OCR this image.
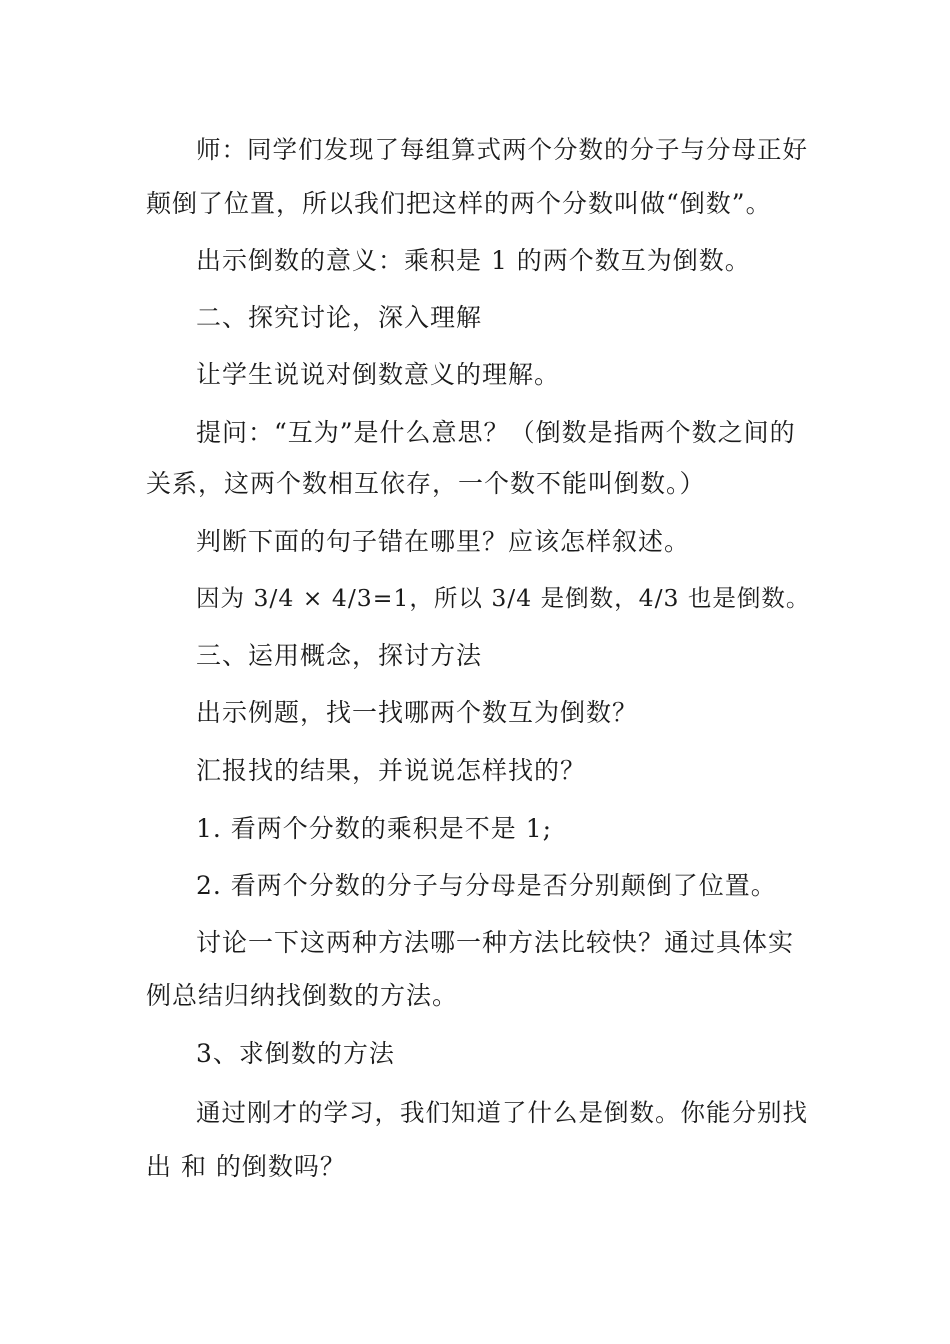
师：同学们发现了每组算式两个分数的分子与分母正好
颠倒了位置，所以我们把这样的两个分数叫做“倒数”。
出示倒数的意义：乘积是 1 的两个数互为倒数。
二、探究讨论，深入理解
让学生说说对倒数意义的理解。
提问：“互为”是什么意思？（倒数是指两个数之间的
关系，这两个数相互依存，一个数不能叫倒数。）
判断下面的句子错在哪里？应该怎样叙述。
因为 3/4 × 4/3=1，所以 3/4 是倒数，4/3 也是倒数。
三、运用概念，探讨方法
出示例题，找一找哪两个数互为倒数？
汇报找的结果，并说说怎样找的？
1. 看两个分数的乘积是不是 1;
2. 看两个分数的分子与分母是否分别颠倒了位置。
讨论一下这两种方法哪一种方法比较快？通过具体实
例总结归纳找倒数的方法。
3、求倒数的方法
通过刚才的学习，我们知道了什么是倒数。你能分别找
出 和 的倒数吗？
